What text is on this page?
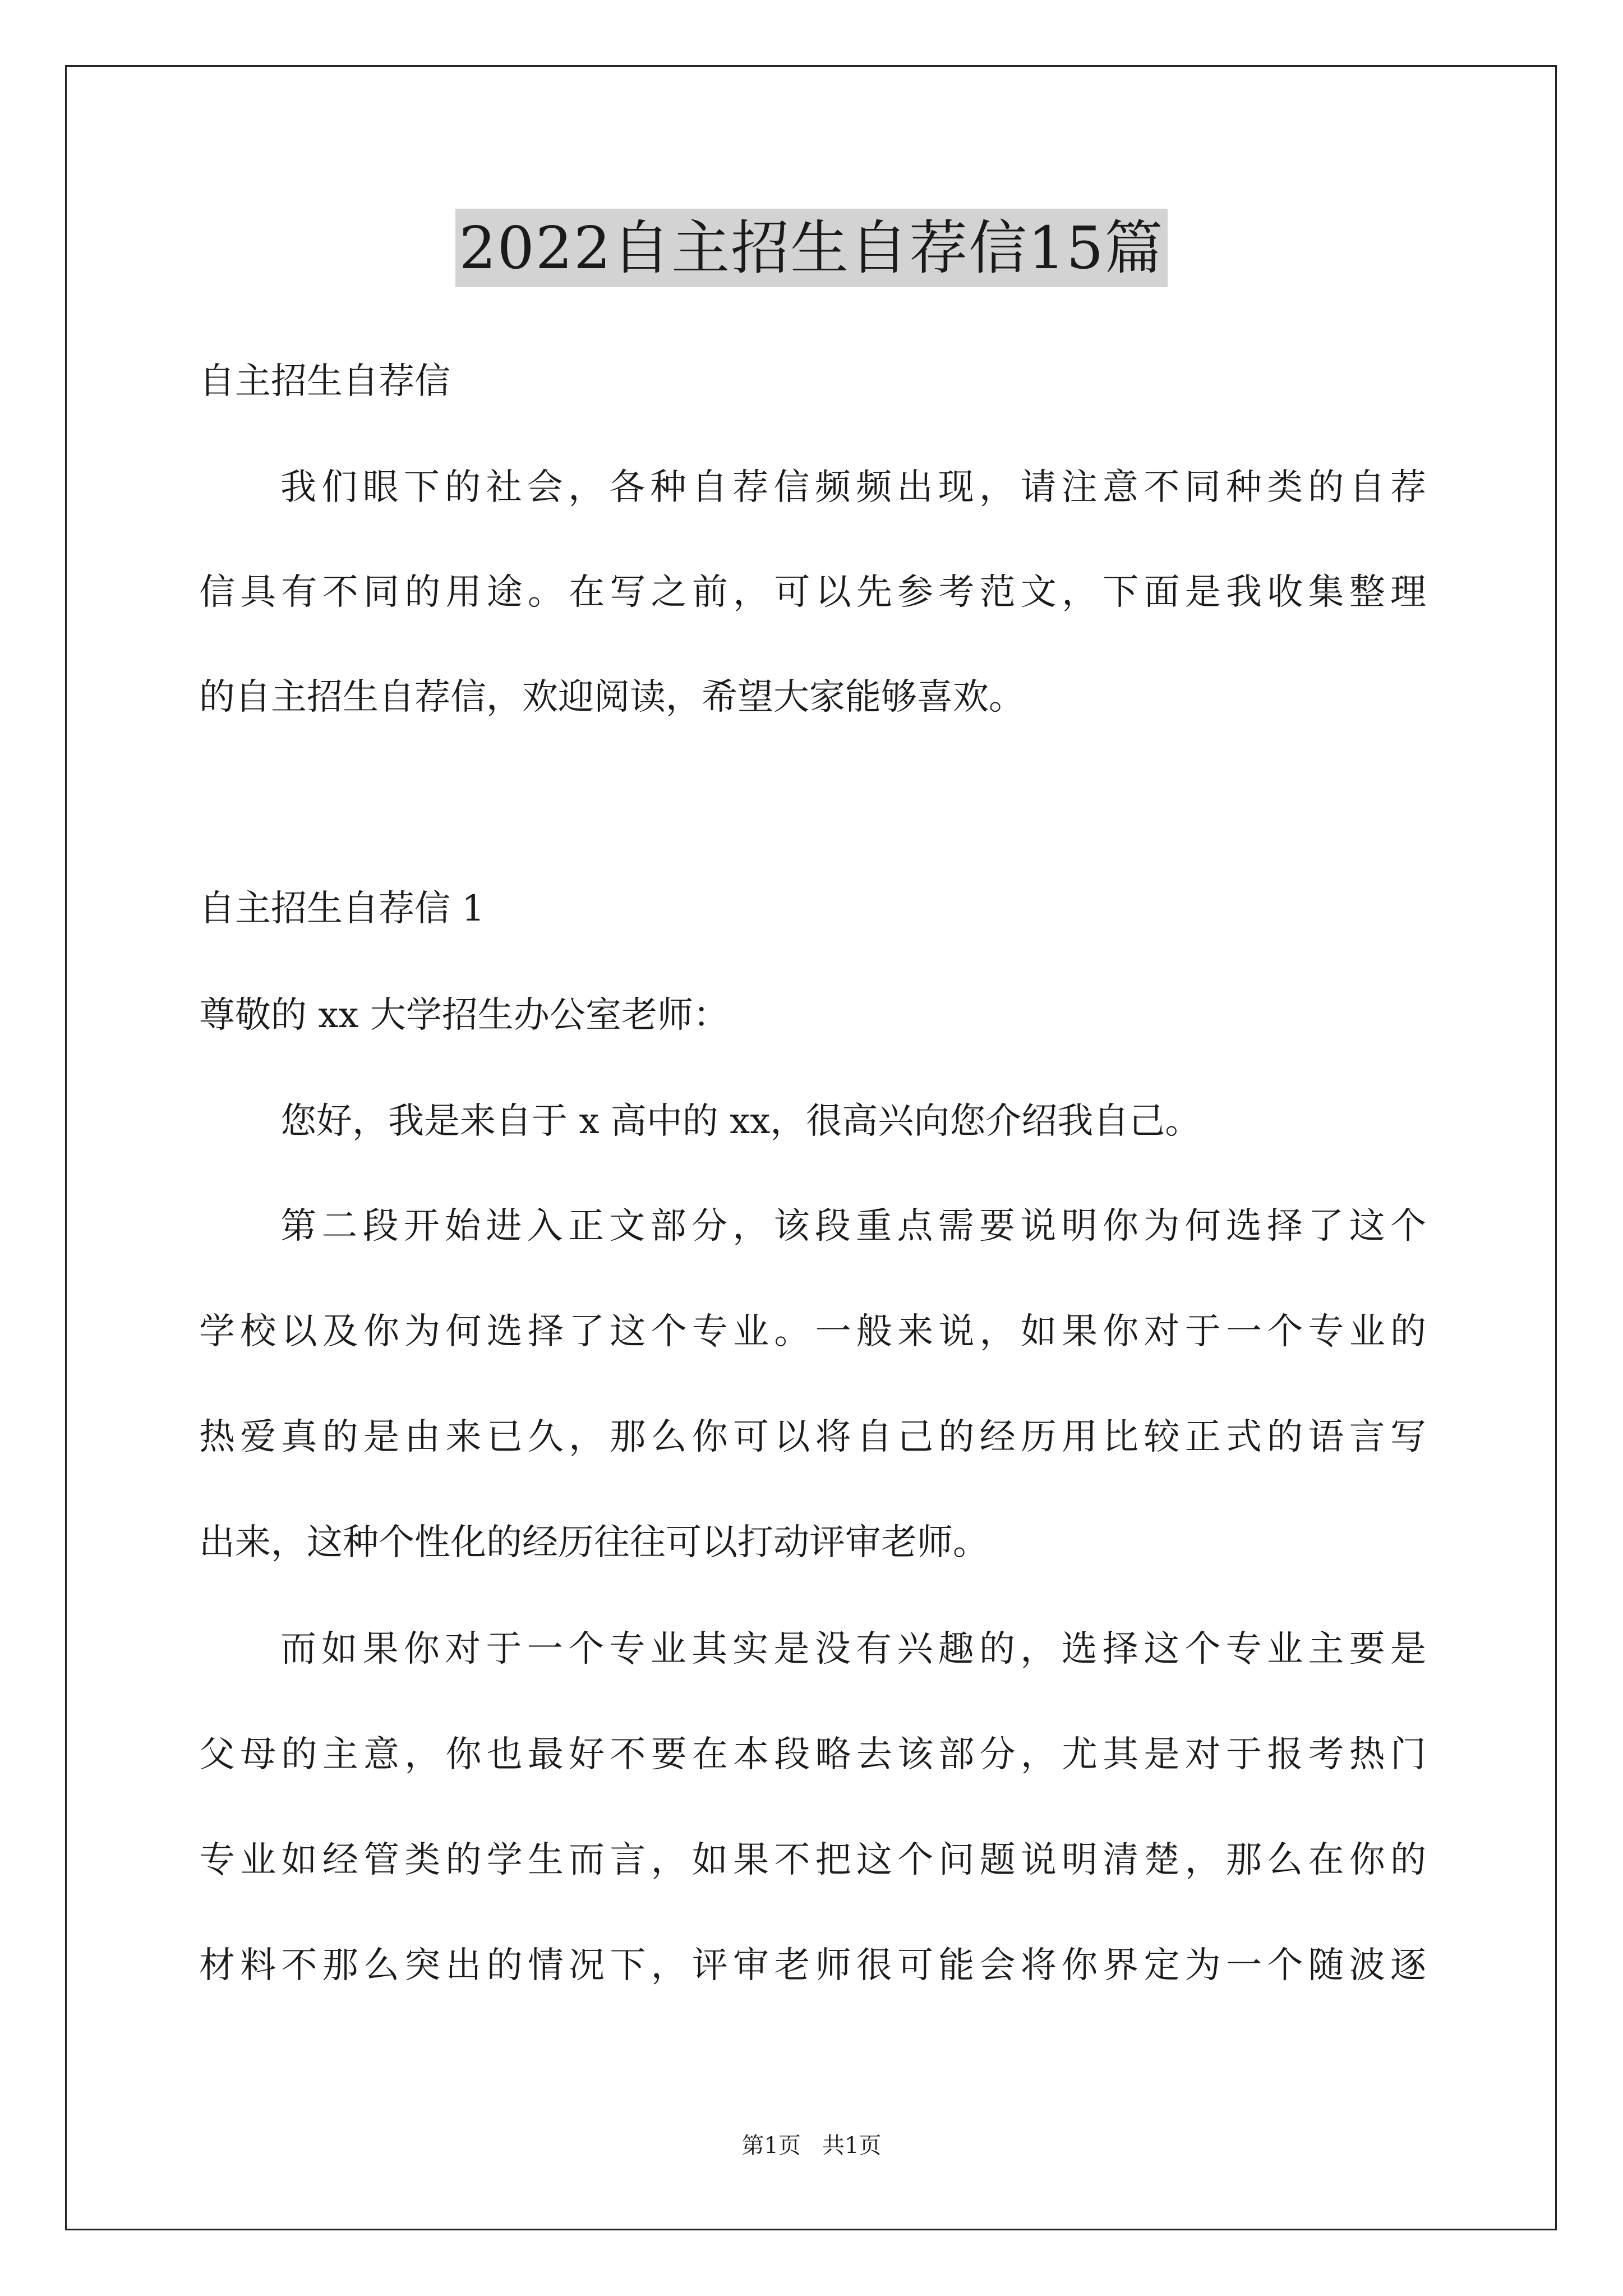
2022自主招生自荐信15篇
自主招生自荐信
我们眼下的社会，各种自荐信频频出现，请注意不同种类的自荐
信具有不同的用途。在写之前，可以先参考范文，下面是我收集整理
的自主招生自荐信，欢迎阅读，希望大家能够喜欢。
自主招生自荐信 1
尊敬的 xx 大学招生办公室老师：
您好，我是来自于 x 高中的 xx，很高兴向您介绍我自己。
第二段开始进入正文部分，该段重点需要说明你为何选择了这个
学校以及你为何选择了这个专业。一般来说，如果你对于一个专业的
热爱真的是由来已久，那么你可以将自己的经历用比较正式的语言写
出来，这种个性化的经历往往可以打动评审老师。
而如果你对于一个专业其实是没有兴趣的，选择这个专业主要是
父母的主意，你也最好不要在本段略去该部分，尤其是对于报考热门
专业如经管类的学生而言，如果不把这个问题说明清楚，那么在你的
材料不那么突出的情况下，评审老师很可能会将你界定为一个随波逐
第1页   共1页
